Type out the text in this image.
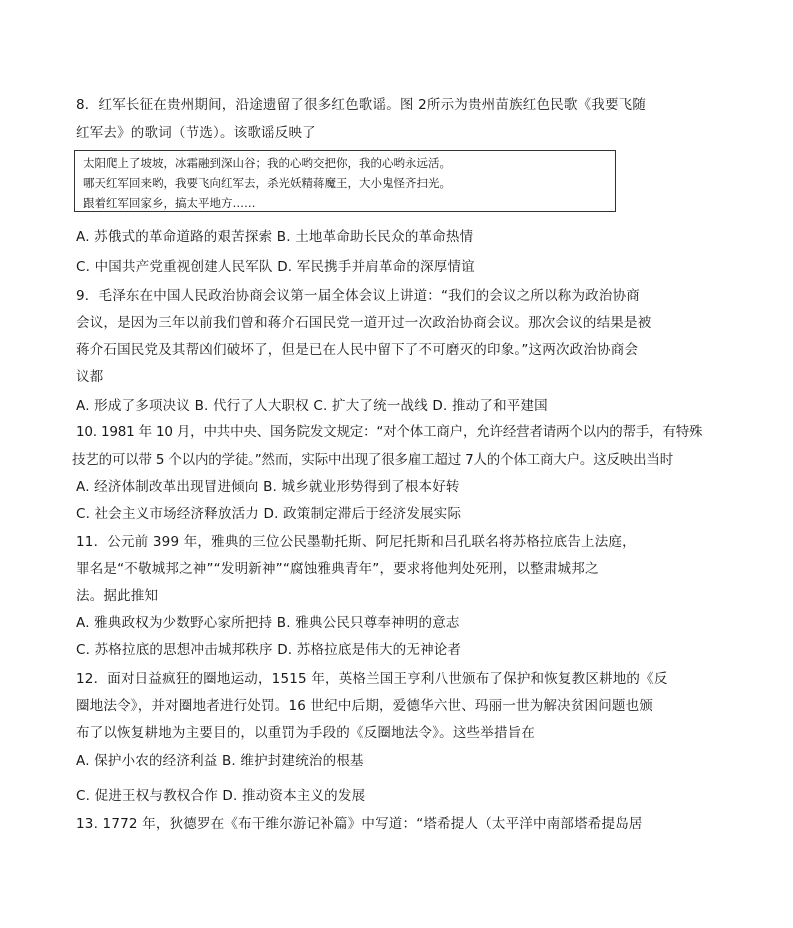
8．红军长征在贵州期间，沿途遗留了很多红色歌谣。图 2所示为贵州苗族红色民歌《我要飞随
红军去》的歌词（节选）。该歌谣反映了
太阳爬上了坡坡，冰霜融到深山谷；我的心哟交把你，我的心哟永远活。
哪天红军回来哟，我要飞向红军去，杀光妖精蒋魔王，大小鬼怪齐扫光。
跟着红军回家乡，搞太平地方……
A. 苏俄式的革命道路的艰苦探索 B. 土地革命助长民众的革命热情
C. 中国共产党重视创建人民军队 D. 军民携手并肩革命的深厚情谊
9．毛泽东在中国人民政治协商会议第一届全体会议上讲道：“我们的会议之所以称为政治协商
会议，是因为三年以前我们曾和蒋介石国民党一道开过一次政治协商会议。那次会议的结果是被
蒋介石国民党及其帮凶们破坏了，但是已在人民中留下了不可磨灭的印象。”这两次政治协商会
议都
A. 形成了多项决议 B. 代行了人大职权 C. 扩大了统一战线 D. 推动了和平建国
10. 1981 年 10 月，中共中央、国务院发文规定：“对个体工商户，允许经营者请两个以内的帮手，有特殊
技艺的可以带 5 个以内的学徒。”然而，实际中出现了很多雇工超过 7人的个体工商大户。这反映出当时
A. 经济体制改革出现冒进倾向 B. 城乡就业形势得到了根本好转
C. 社会主义市场经济释放活力 D. 政策制定滞后于经济发展实际
11．公元前 399 年，雅典的三位公民墨勒托斯、阿尼托斯和吕孔联名将苏格拉底告上法庭，
罪名是“不敬城邦之神”“发明新神”“腐蚀雅典青年”，要求将他判处死刑，以整肃城邦之
法。据此推知
A. 雅典政权为少数野心家所把持 B. 雅典公民只尊奉神明的意志
C. 苏格拉底的思想冲击城邦秩序 D. 苏格拉底是伟大的无神论者
12．面对日益疯狂的圈地运动，1515 年，英格兰国王亨利八世颁布了保护和恢复教区耕地的《反
圈地法令》，并对圈地者进行处罚。16 世纪中后期，爱德华六世、玛丽一世为解决贫困问题也颁
布了以恢复耕地为主要目的，以重罚为手段的《反圈地法令》。这些举措旨在
A. 保护小农的经济利益 B. 维护封建统治的根基
C. 促进王权与教权合作 D. 推动资本主义的发展
13. 1772 年，狄德罗在《布干维尔游记补篇》中写道：“塔希提人（太平洋中南部塔希提岛居
